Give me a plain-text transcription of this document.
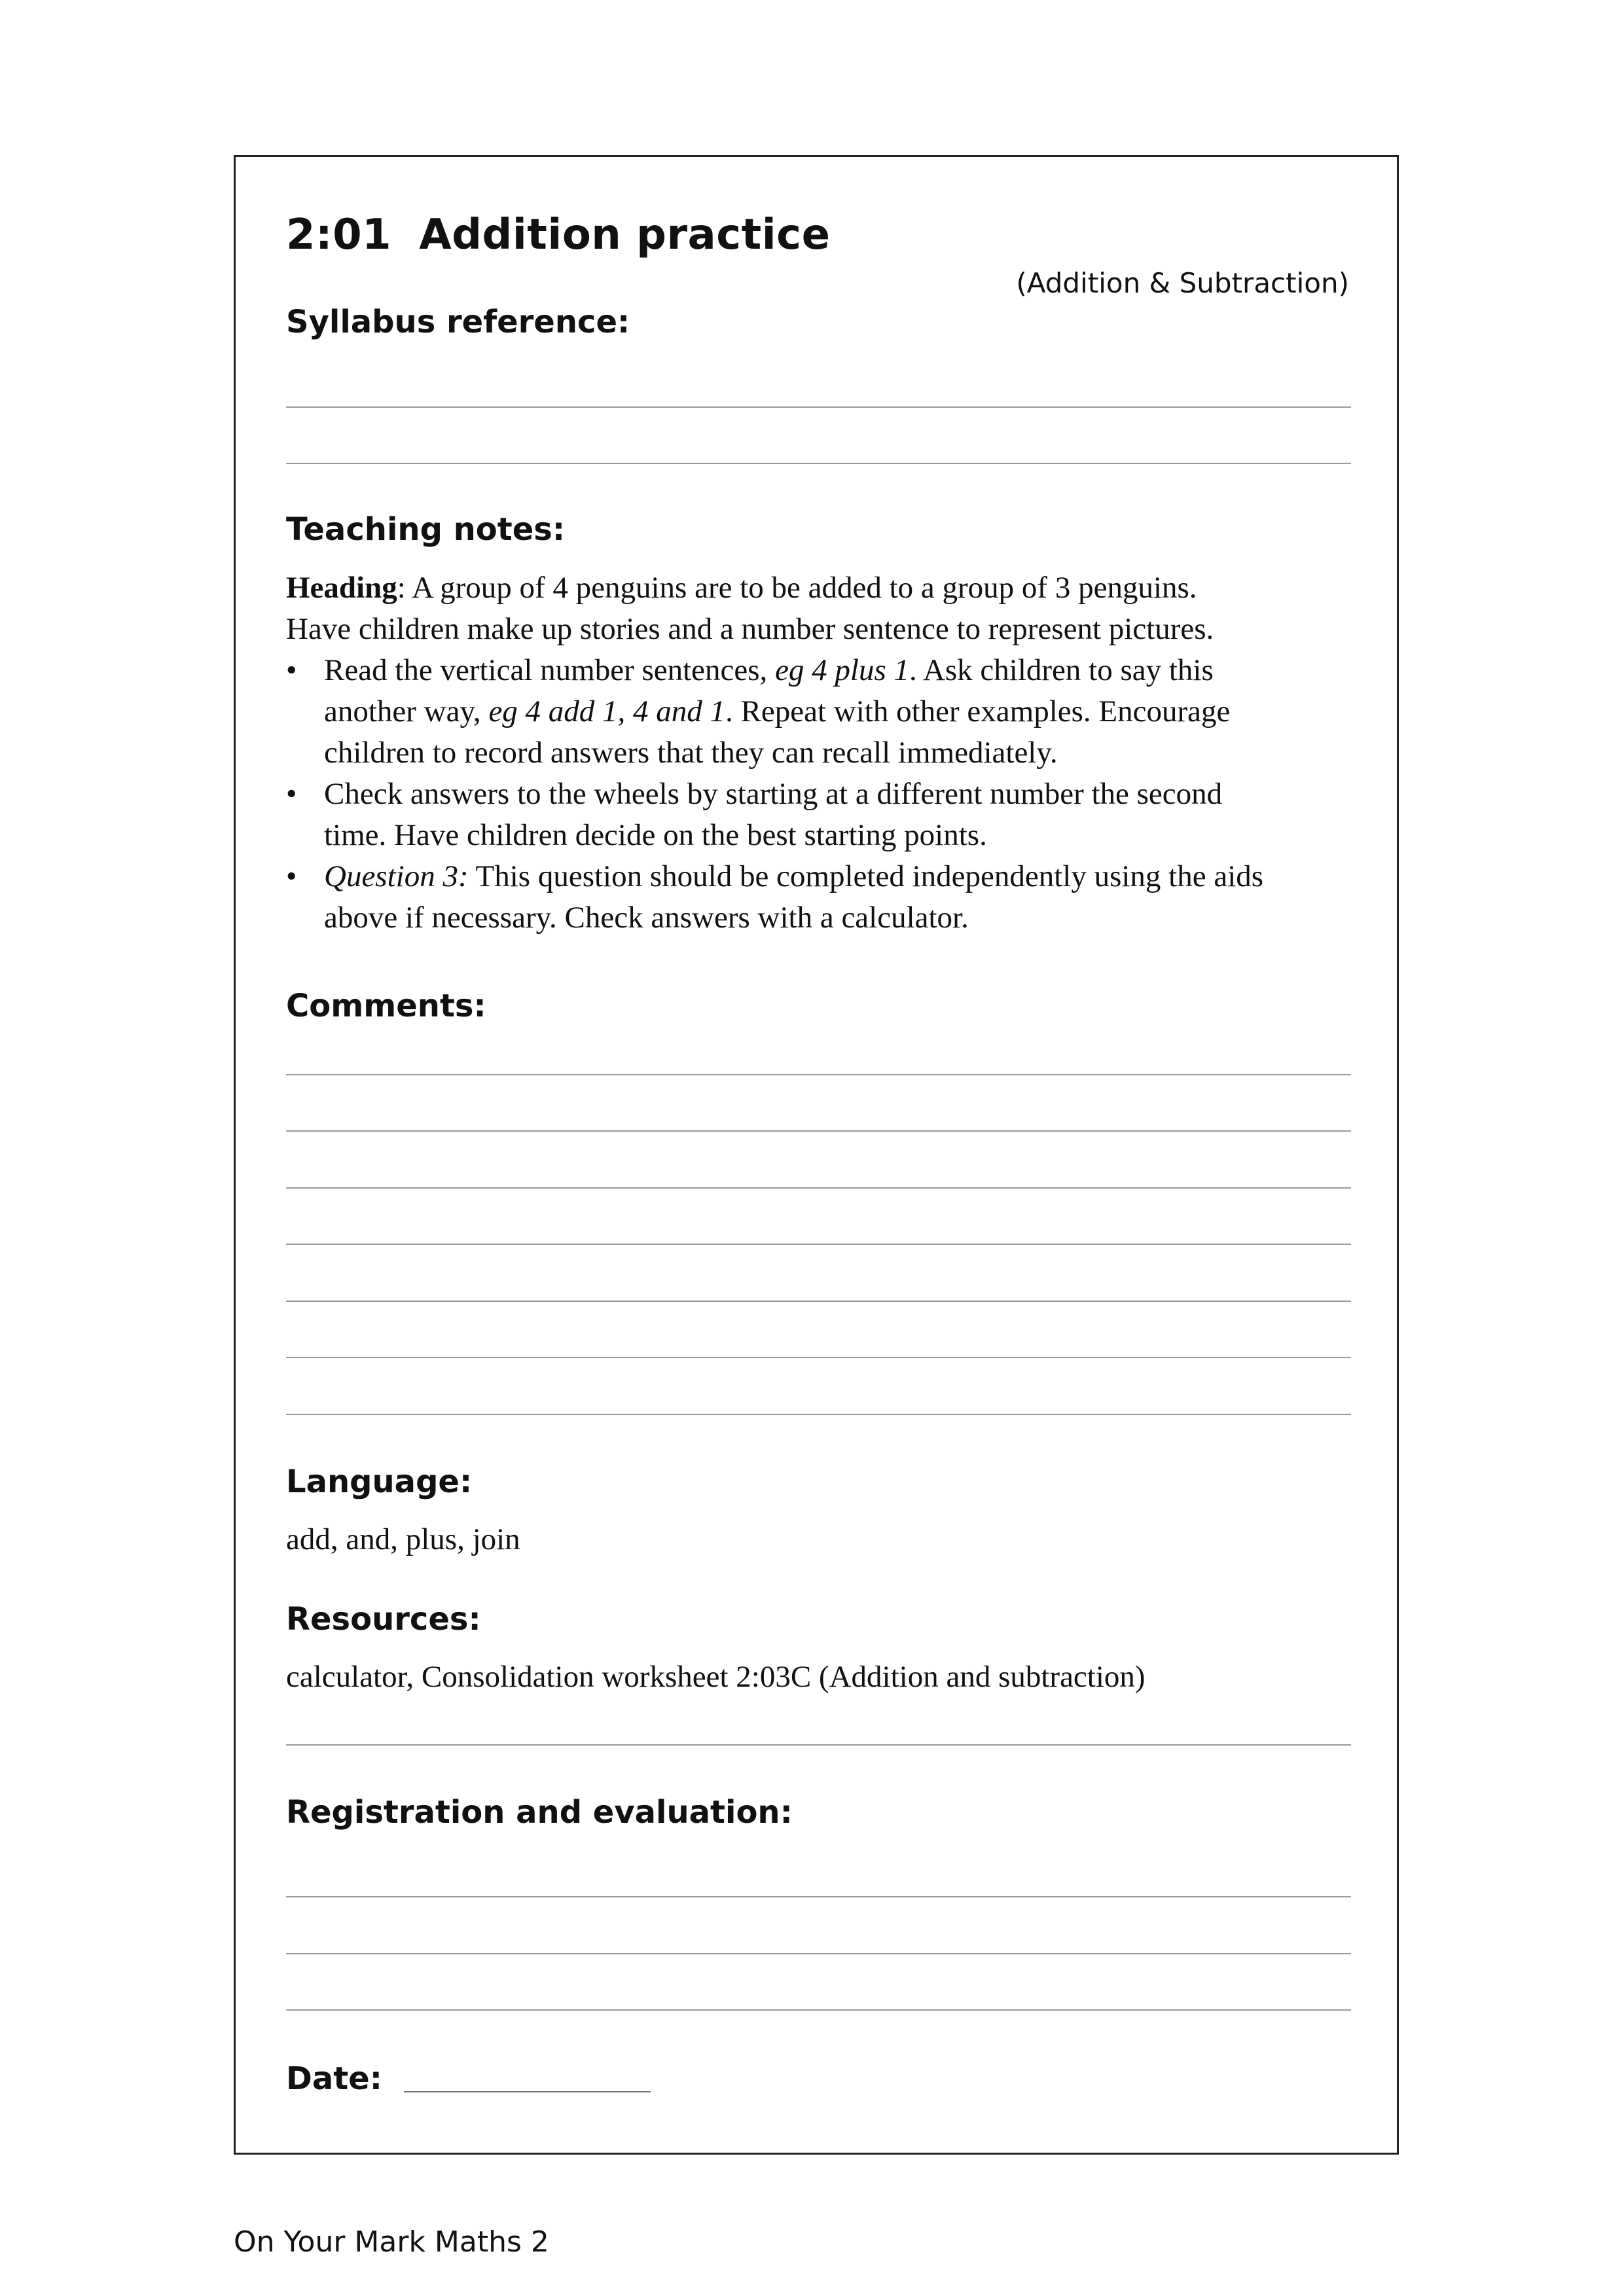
2:01 Addition practice
(Addition & Subtraction)
Syllabus reference:
Teaching notes:

Heading: A group of 4 penguins are to be added to a group of 3 penguins.

Have children make up stories and a number sentence to represent pictures.

• Read the vertical number sentences, eg 4 plus 1. Ask children to say this
another way, eg 4 add 1, 4 and 1. Repeat with other examples. Encourage
children to record answers that they can recall immediately.
• Check answers to the wheels by starting at a different number the second
time. Have children decide on the best starting points.
• Question 3: This question should be completed independently using the aids
above if necessary. Check answers with a calculator.
Comments:
Language:
add, and, plus, join
Resources:
calculator, Consolidation worksheet 2:03C (Addition and subtraction)
Registration and evaluation:
Date:
On Your Mark Maths 2
